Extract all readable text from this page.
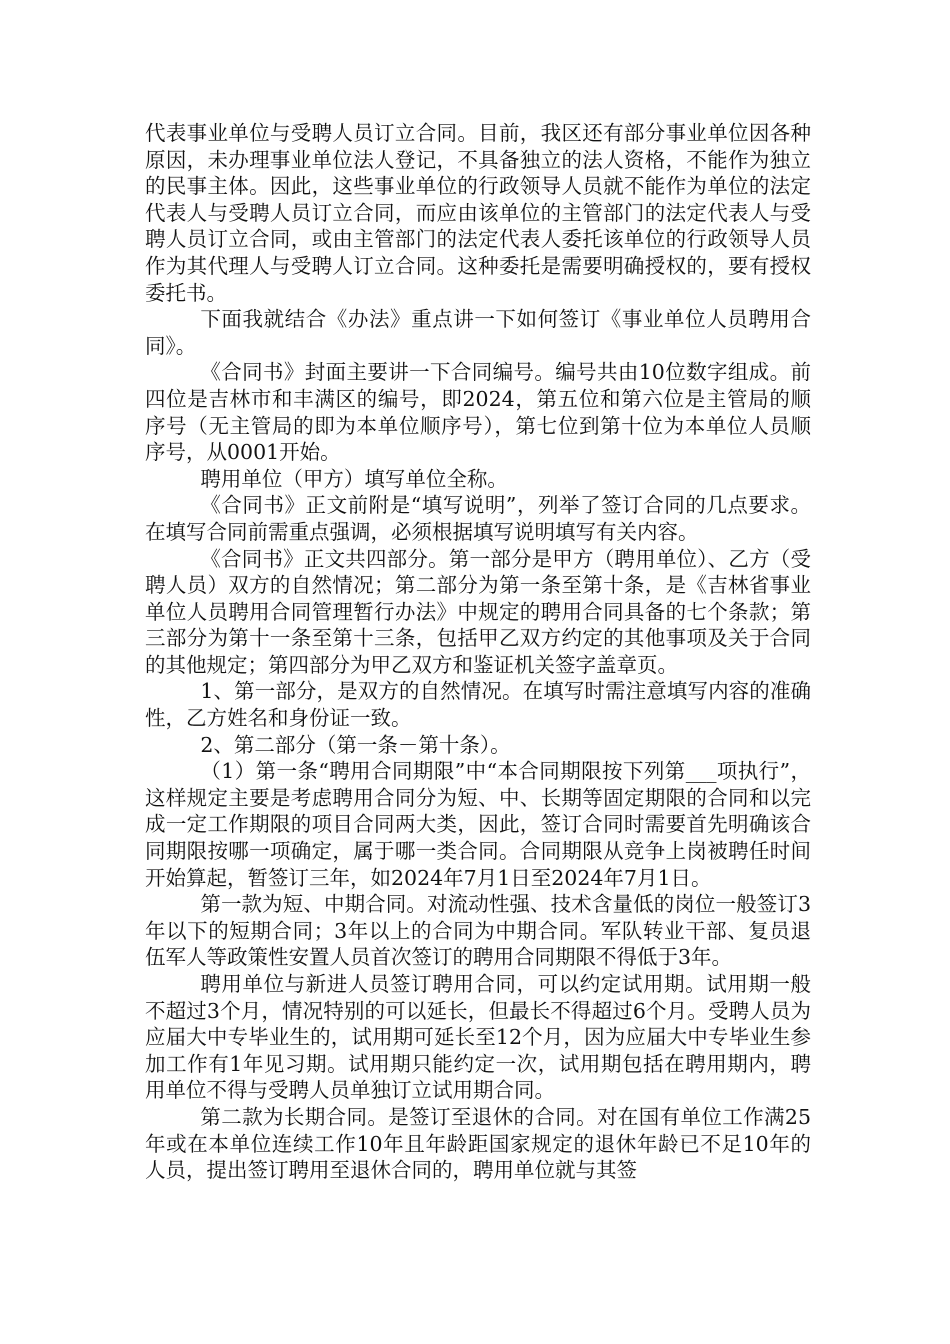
代表事业单位与受聘人员订立合同。目前，我区还有部分事业单位因各种原因，未办理事业单位法人登记，不具备独立的法人资格，不能作为独立的民事主体。因此，这些事业单位的行政领导人员就不能作为单位的法定代表人与受聘人员订立合同，而应由该单位的主管部门的法定代表人与受聘人员订立合同，或由主管部门的法定代表人委托该单位的行政领导人员作为其代理人与受聘人订立合同。这种委托是需要明确授权的，要有授权委托书。

下面我就结合《办法》重点讲一下如何签订《事业单位人员聘用合同》。

《合同书》封面主要讲一下合同编号。编号共由10位数字组成。前四位是吉林市和丰满区的编号，即2024，第五位和第六位是主管局的顺序号（无主管局的即为本单位顺序号），第七位到第十位为本单位人员顺序号，从0001开始。

聘用单位（甲方）填写单位全称。

《合同书》正文前附是“填写说明”，列举了签订合同的几点要求。在填写合同前需重点强调，必须根据填写说明填写有关内容。

《合同书》正文共四部分。第一部分是甲方（聘用单位）、乙方（受聘人员）双方的自然情况；第二部分为第一条至第十条，是《吉林省事业单位人员聘用合同管理暂行办法》中规定的聘用合同具备的七个条款；第三部分为第十一条至第十三条，包括甲乙双方约定的其他事项及关于合同的其他规定；第四部分为甲乙双方和鉴证机关签字盖章页。

1、第一部分，是双方的自然情况。在填写时需注意填写内容的准确性，乙方姓名和身份证一致。

2、第二部分（第一条－第十条）。

（1）第一条“聘用合同期限”中“本合同期限按下列第___项执行”，这样规定主要是考虑聘用合同分为短、中、长期等固定期限的合同和以完成一定工作期限的项目合同两大类，因此，签订合同时需要首先明确该合同期限按哪一项确定，属于哪一类合同。合同期限从竞争上岗被聘任时间开始算起，暂签订三年，如2024年7月1日至2024年7月1日。

第一款为短、中期合同。对流动性强、技术含量低的岗位一般签订3年以下的短期合同；3年以上的合同为中期合同。军队转业干部、复员退伍军人等政策性安置人员首次签订的聘用合同期限不得低于3年。

聘用单位与新进人员签订聘用合同，可以约定试用期。试用期一般不超过3个月，情况特别的可以延长，但最长不得超过6个月。受聘人员为应届大中专毕业生的，试用期可延长至12个月，因为应届大中专毕业生参加工作有1年见习期。试用期只能约定一次，试用期包括在聘用期内，聘用单位不得与受聘人员单独订立试用期合同。

第二款为长期合同。是签订至退休的合同。对在国有单位工作满25年或在本单位连续工作10年且年龄距国家规定的退休年龄已不足10年的人员，提出签订聘用至退休合同的，聘用单位就与其签
